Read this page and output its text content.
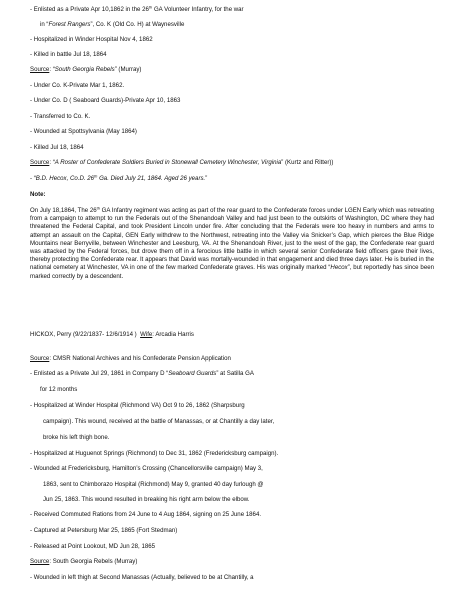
- Enlisted as a Private Apr 10,1862 in the 26th GA Volunteer Infantry, for the war
in “Forest Rangers”, Co. K (Old Co. H) at Waynesville
- Hospitalized in Winder Hospital Nov 4, 1862
- Killed in battle Jul 18, 1864
Source: “South Georgia Rebels” (Murray)
- Under Co. K-Private Mar 1, 1862.
- Under Co. D ( Seaboard Guards)-Private Apr 10, 1863
- Transferred to Co. K.
- Wounded at Spottsylvania (May 1864)
- Killed Jul 18, 1864
Source: “A Roster of Confederate Soldiers Buried in Stonewall Cemetery Winchester, Virginia” (Kurtz and Ritter))
- “B.D. Hecox, Co.D. 26th Ga. Died July 21, 1864. Aged 26 years.”
Note:

On July 18,1864, The 26th GA Infantry regiment was acting as part of the rear guard to the Confederate forces under LGEN Early which was retreating from a campaign to attempt to run the Federals out of the Shenandoah Valley and had just been to the outskirts of Washington, DC where they had threatened the Federal Capital, and took President Lincoln under fire. After concluding that the Federals were too heavy in numbers and arms to attempt an assault on the Capital, GEN Early withdrew to the Northwest, retreating into the Valley via Snicker’s Gap, which pierces the Blue Ridge Mountains near Berryville, between Winchester and Leesburg, VA. At the Shenandoah River, just to the west of the gap, the Confederate rear guard was attacked by the Federal forces, but drove them off in a ferocious little battle in which several senior Confederate field officers gave their lives, thereby protecting the Confederate rear. It appears that David was mortally-wounded in that engagement and died three days later. He is buried in the national cemetery at Winchester, VA in one of the few marked Confederate graves. His was originally marked “Hecox”, but reportedly has since been marked correctly by a descendent.

HICKOX, Perry (9/22/1837- 12/6/1914 ) Wife: Arcadia Harris
Source: CMSR National Archives and his Confederate Pension Application
- Enlisted as a Private Jul 29, 1861 in Company D “Seaboard Guards” at Satilla GA
for 12 months
- Hospitalized at Winder Hospital (Richmond VA) Oct 9 to 26, 1862 (Sharpsburg
campaign). This wound, received at the battle of Manassas, or at Chantilly a day later,
broke his left thigh bone.
- Hospitalized at Huguenot Springs (Richmond) to Dec 31, 1862 (Fredericksburg campaign).
- Wounded at Fredericksburg, Hamilton’s Crossing (Chancellorsville campaign) May 3,
1863, sent to Chimborazo Hospital (Richmond) May 9, granted 40 day furlough @
Jun 25, 1863. This wound resulted in breaking his right arm below the elbow.
- Received Commuted Rations from 24 June to 4 Aug 1864, signing on 25 June 1864.
- Captured at Petersburg Mar 25, 1865 (Fort Stedman)
- Released at Point Lookout, MD Jun 28, 1865
Source: South Georgia Rebels (Murray)
- Wounded in left thigh at Second Manassas (Actually, believed to be at Chantilly, a
